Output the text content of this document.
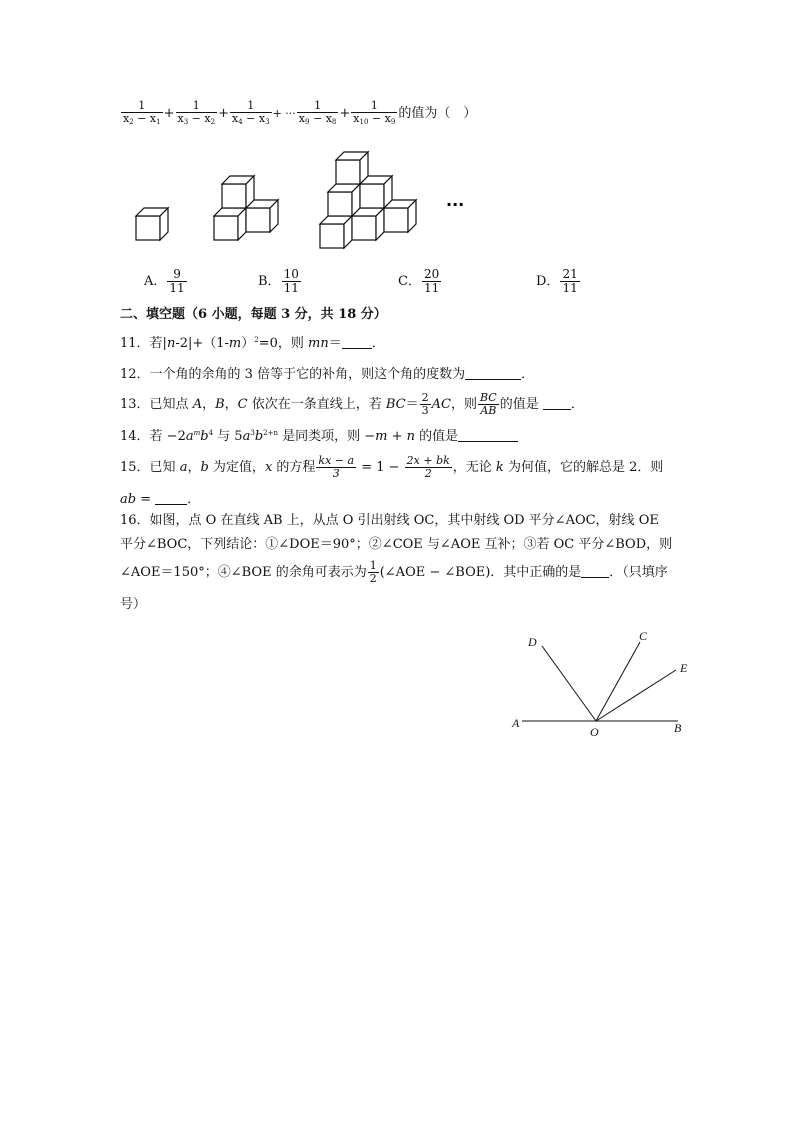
$\frac{1}{x_2 - x_1} + \frac{1}{x_3 - x_2} + \frac{1}{x_4 - x_3}$ + ··· $\frac{1}{x_9 - x_8} + \frac{1}{x_{10} - x_9}$ 的值为（　）
···
A． $\frac{9}{11}$	B． $\frac{10}{11}$	C． $\frac{20}{11}$	D． $\frac{21}{11}$
二、填空题（6 小题，每题 3 分，共 18 分）
11．若$|n-2|+(1-m)^2=0$，则 mn＝ ．
12．一个角的余角的 3 倍等于它的补角，则这个角的度数为	．
13．已知点 A，B，C 依次在一条直线上，若 $BC= \frac{2}{3}$ AC，则 $\frac{BC}{AB}$ 的值是 ．
14．若 $-2a^mb^4$ 与 $5a^3b^{2+n}$ 是同类项，则 −m + n 的值是
15．已知 a，b 为定值，x 的方程 $\frac{kx - a}{3} = 1 - \frac{2x + bk}{2}$ ，无论 k 为何值，它的解总是 2．则
ab = ．
16．如图，点 O 在直线 AB 上，从点 O 引出射线 OC，其中射线 OD 平分∠AOC，射线 OE
平分∠BOC，下列结论：①∠DOE＝90°；②∠COE 与∠AOE 互补；③若 OC 平分∠BOD，则
∠AOE＝150°；④∠BOE 的余角可表示为 $\frac{1}{2}$ (∠AOE − ∠BOE)．其中正确的是 ．（只填序
号）
A
O	B
D	C
E
